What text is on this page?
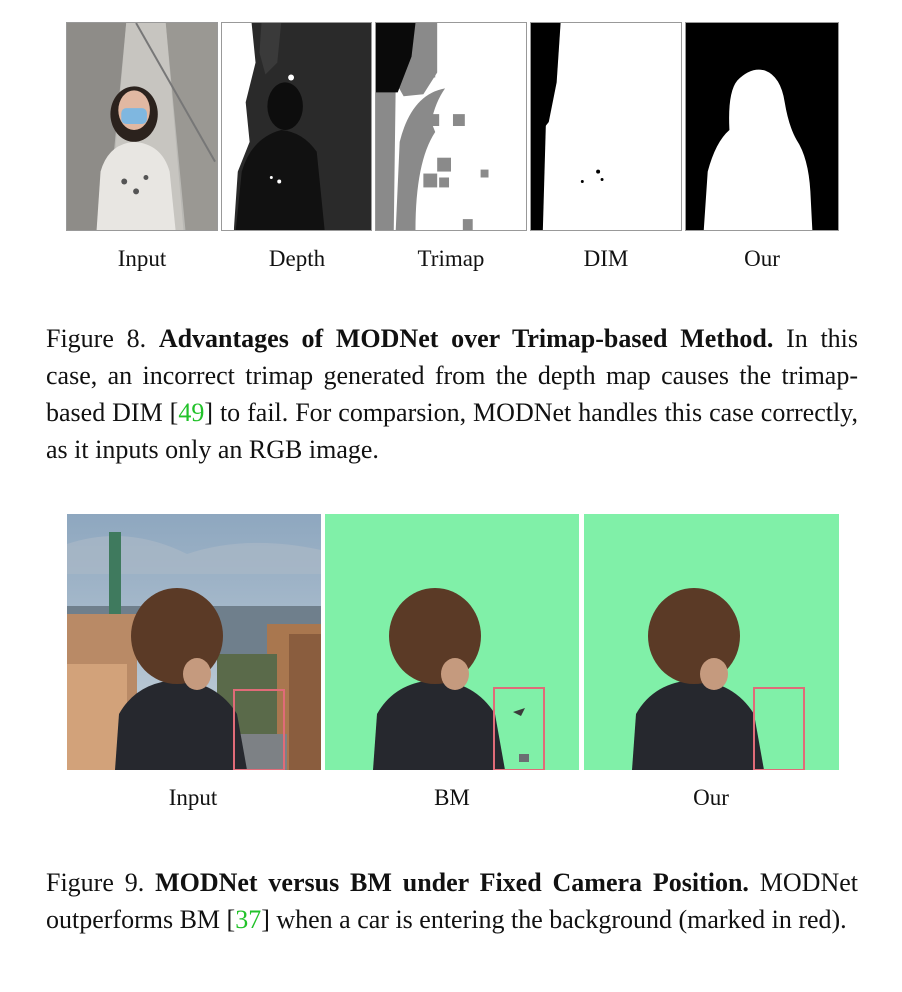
Input	Depth	Trimap	DIM	Our
Figure 8. Advantages of MODNet over Trimap-based Method. In this case, an incorrect trimap generated from the depth map causes the trimap-based DIM [49] to fail. For comparsion, MODNet handles this case correctly, as it inputs only an RGB image.
Input	BM	Our
Figure 9. MODNet versus BM under Fixed Camera Position. MODNet outperforms BM [37] when a car is entering the background (marked in red).
